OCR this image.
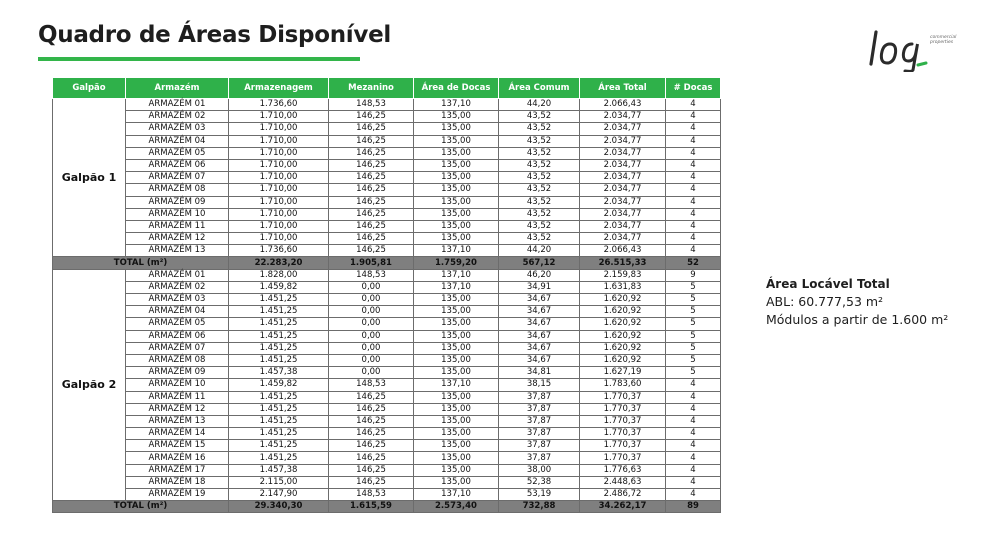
Quadro de Áreas Disponível	commercial
properties
Galpão	Armazém	Armazenagem	Mezanino	Área de Docas	Área Comum	Área Total	# Docas
Galpão 1	ARMAZÉM 01	1.736,60	148,53	137,10	44,20	2.066,43	4
	ARMAZÉM 02	1.710,00	146,25	135,00	43,52	2.034,77	4
	ARMAZÉM 03	1.710,00	146,25	135,00	43,52	2.034,77	4
	ARMAZÉM 04	1.710,00	146,25	135,00	43,52	2.034,77	4
	ARMAZÉM 05	1.710,00	146,25	135,00	43,52	2.034,77	4
	ARMAZÉM 06	1.710,00	146,25	135,00	43,52	2.034,77	4
	ARMAZÉM 07	1.710,00	146,25	135,00	43,52	2.034,77	4
	ARMAZÉM 08	1.710,00	146,25	135,00	43,52	2.034,77	4
	ARMAZÉM 09	1.710,00	146,25	135,00	43,52	2.034,77	4
	ARMAZÉM 10	1.710,00	146,25	135,00	43,52	2.034,77	4
	ARMAZÉM 11	1.710,00	146,25	135,00	43,52	2.034,77	4
	ARMAZÉM 12	1.710,00	146,25	135,00	43,52	2.034,77	4
	ARMAZÉM 13	1.736,60	146,25	137,10	44,20	2.066,43	4
TOTAL (m²)		22.283,20	1.905,81	1.759,20	567,12	26.515,33	52
Galpão 2	ARMAZÉM 01	1.828,00	148,53	137,10	46,20	2.159,83	9
	ARMAZÉM 02	1.459,82	0,00	137,10	34,91	1.631,83	5
	ARMAZÉM 03	1.451,25	0,00	135,00	34,67	1.620,92	5
	ARMAZÉM 04	1.451,25	0,00	135,00	34,67	1.620,92	5
	ARMAZÉM 05	1.451,25	0,00	135,00	34,67	1.620,92	5
	ARMAZÉM 06	1.451,25	0,00	135,00	34,67	1.620,92	5
	ARMAZÉM 07	1.451,25	0,00	135,00	34,67	1.620,92	5
	ARMAZÉM 08	1.451,25	0,00	135,00	34,67	1.620,92	5
	ARMAZÉM 09	1.457,38	0,00	135,00	34,81	1.627,19	5
	ARMAZÉM 10	1.459,82	148,53	137,10	38,15	1.783,60	4
	ARMAZÉM 11	1.451,25	146,25	135,00	37,87	1.770,37	4
	ARMAZÉM 12	1.451,25	146,25	135,00	37,87	1.770,37	4
	ARMAZÉM 13	1.451,25	146,25	135,00	37,87	1.770,37	4
	ARMAZÉM 14	1.451,25	146,25	135,00	37,87	1.770,37	4
	ARMAZÉM 15	1.451,25	146,25	135,00	37,87	1.770,37	4
	ARMAZÉM 16	1.451,25	146,25	135,00	37,87	1.770,37	4
	ARMAZÉM 17	1.457,38	146,25	135,00	38,00	1.776,63	4
	ARMAZÉM 18	2.115,00	146,25	135,00	52,38	2.448,63	4
	ARMAZÉM 19	2.147,90	148,53	137,10	53,19	2.486,72	4
TOTAL (m²)		29.340,30	1.615,59	2.573,40	732,88	34.262,17	89
Área Locável Total
ABL: 60.777,53 m²
Módulos a partir de 1.600 m²
